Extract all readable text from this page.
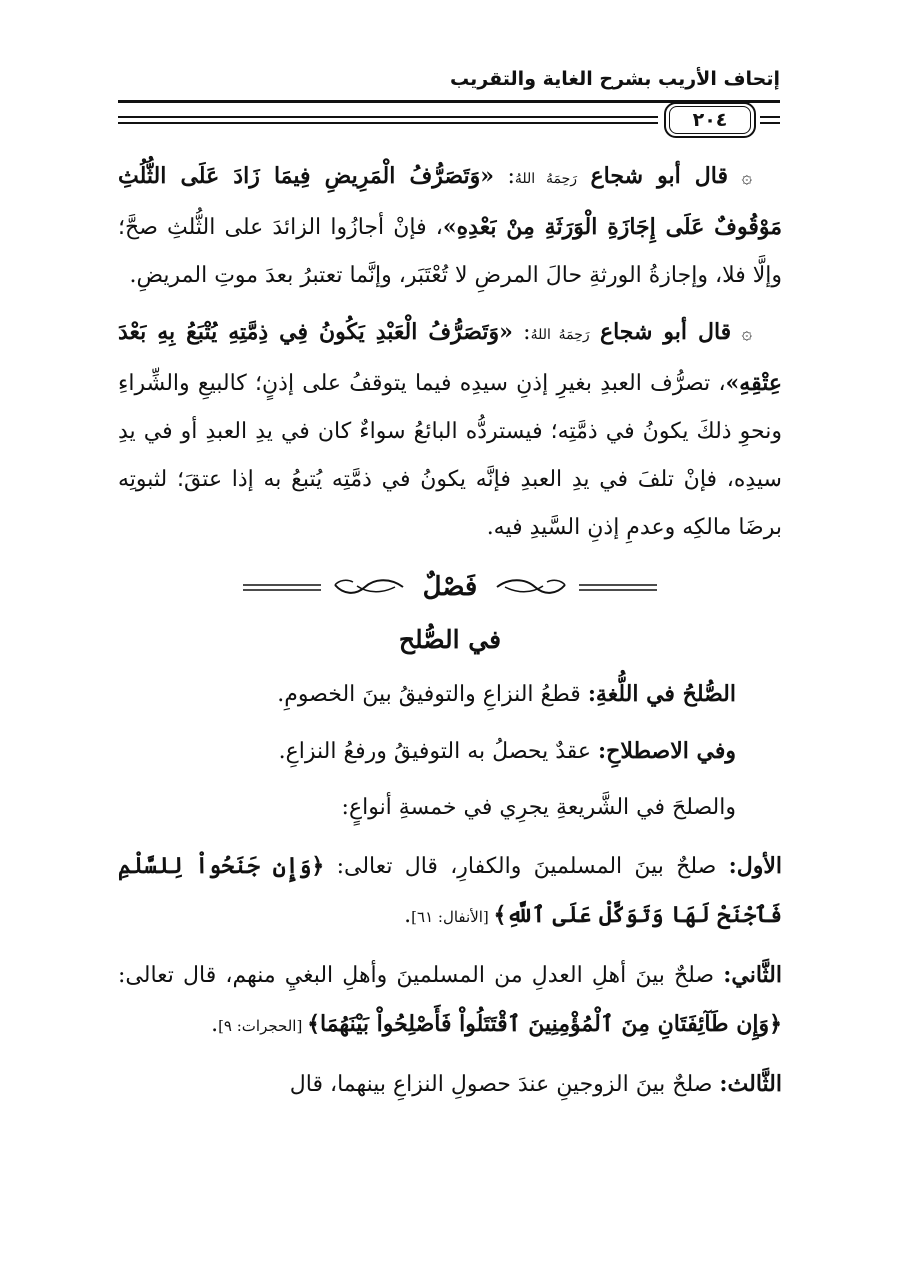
إتحاف الأريب بشرح الغاية والتقريب
٢٠٤

۞ قال أبو شجاع رَحِمَهُ اللهُ: «وَتَصَرُّفُ الْمَرِيضِ فِيمَا زَادَ عَلَى الثُّلُثِ مَوْقُوفٌ عَلَى إِجَازَةِ الْوَرَثَةِ مِنْ بَعْدِهِ»، فإنْ أجازُوا الزائدَ على الثُّلثِ صحَّ؛ وإلَّا فلا، وإجازةُ الورثةِ حالَ المرضِ لا تُعْتَبَر، وإنَّما تعتبرُ بعدَ موتِ المريضِ.

۞ قال أبو شجاع رَحِمَهُ اللهُ: «وَتَصَرُّفُ الْعَبْدِ يَكُونُ فِي ذِمَّتِهِ يُتْبَعُ بِهِ بَعْدَ عِتْقِهِ»، تصرُّف العبدِ بغيرِ إذنِ سيدِه فيما يتوقفُ على إذنٍ؛ كالبيعِ والشِّراءِ ونحوِ ذلكَ يكونُ في ذمَّتِه؛ فيستردُّه البائعُ سواءٌ كان في يدِ العبدِ أو في يدِ سيدِه، فإنْ تلفَ في يدِ العبدِ فإنَّه يكونُ في ذمَّتِه يُتبعُ به إذا عتقَ؛ لثبوتِه برضَا مالكِه وعدمِ إذنِ السَّيدِ فيه.

فَصْلٌ

في الصُّلح

الصُّلحُ في اللُّغةِ: قطعُ النزاعِ والتوفيقُ بينَ الخصومِ.

وفي الاصطلاحِ: عقدٌ يحصلُ به التوفيقُ ورفعُ النزاعِ.

والصلحَ في الشَّريعةِ يجرِي في خمسةِ أنواعٍ:

الأول: صلحٌ بينَ المسلمينَ والكفارِ، قال تعالى: ﴿وَإِن جَنَحُواْ لِلسَّلْمِ فَٱجْنَحْ لَهَا وَتَوَكَّلْ عَلَى ٱللَّهِ﴾ [الأنفال: ٦١].

الثَّاني: صلحٌ بينَ أهلِ العدلِ من المسلمينَ وأهلِ البغيِ منهم، قال تعالى: ﴿وَإِن طَآئِفَتَانِ مِنَ ٱلْمُؤْمِنِينَ ٱقْتَتَلُواْ فَأَصْلِحُواْ بَيْنَهُمَا﴾ [الحجرات: ٩].

الثَّالث: صلحٌ بينَ الزوجينِ عندَ حصولِ النزاعِ بينهما، قال
